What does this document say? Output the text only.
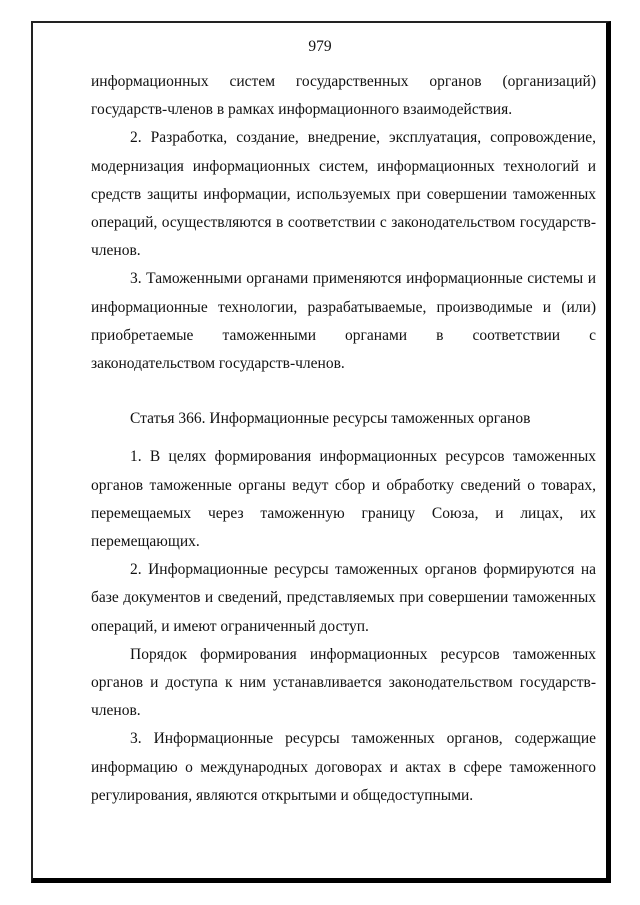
979

информационных систем государственных органов (организаций) государств-членов в рамках информационного взаимодействия.

2. Разработка, создание, внедрение, эксплуатация, сопровождение, модернизация информационных систем, информационных технологий и средств защиты информации, используемых при совершении таможенных операций, осуществляются в соответствии с законодательством государств-членов.

3. Таможенными органами применяются информационные системы и информационные технологии, разрабатываемые, производимые и (или) приобретаемые таможенными органами в соответствии с законодательством государств-членов.

Статья 366. Информационные ресурсы таможенных органов

1. В целях формирования информационных ресурсов таможенных органов таможенные органы ведут сбор и обработку сведений о товарах, перемещаемых через таможенную границу Союза, и лицах, их перемещающих.

2. Информационные ресурсы таможенных органов формируются на базе документов и сведений, представляемых при совершении таможенных операций, и имеют ограниченный доступ.

Порядок формирования информационных ресурсов таможенных органов и доступа к ним устанавливается законодательством государств-членов.

3. Информационные ресурсы таможенных органов, содержащие информацию о международных договорах и актах в сфере таможенного регулирования, являются открытыми и общедоступными.
